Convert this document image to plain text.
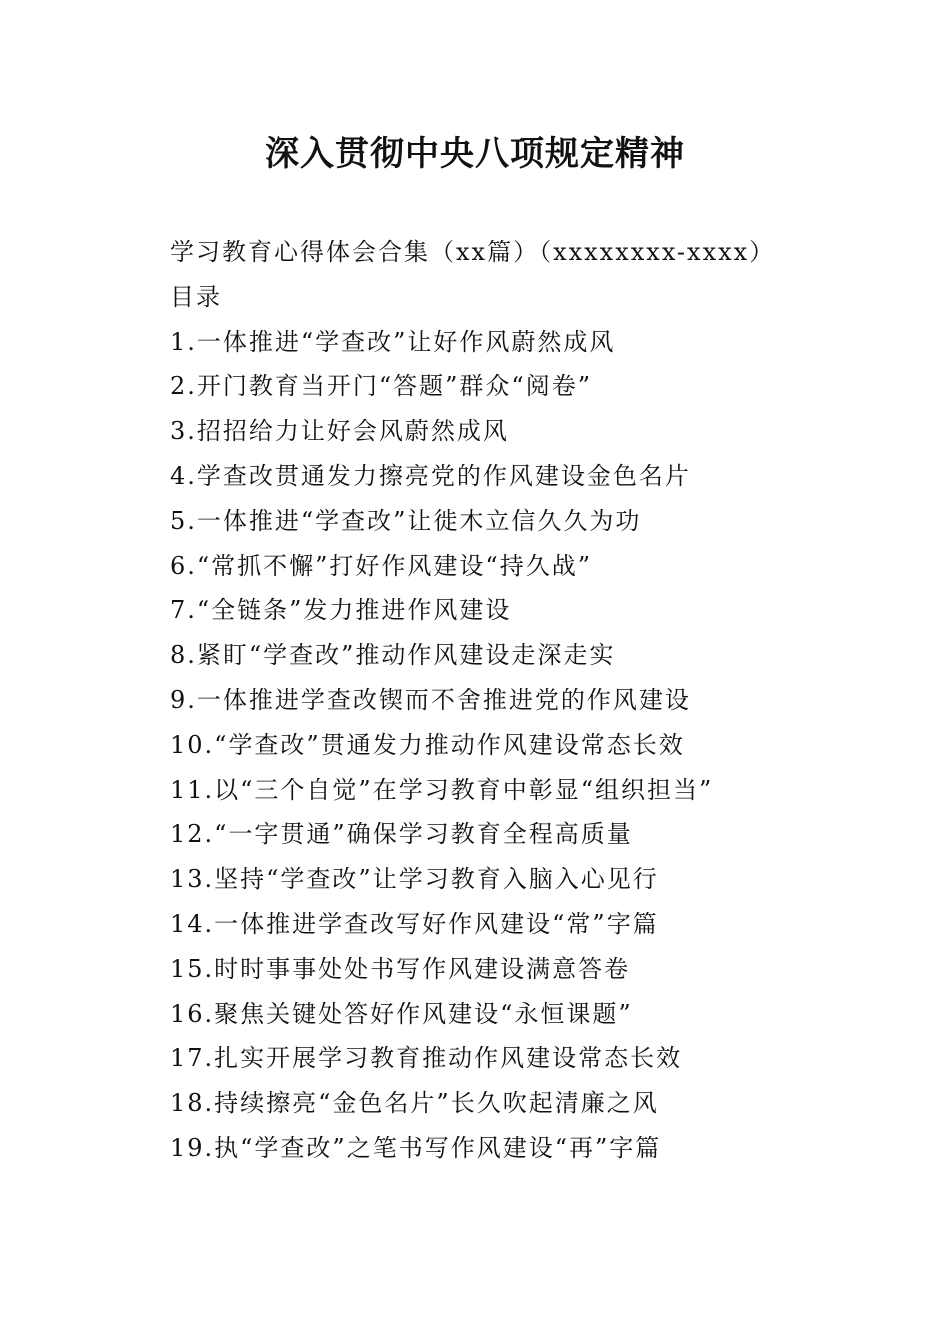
深入贯彻中央八项规定精神
学习教育心得体会合集（xx篇）（xxxxxxxx-xxxx）
目录
1.一体推进“学查改”让好作风蔚然成风
2.开门教育当开门“答题”群众“阅卷”
3.招招给力让好会风蔚然成风
4.学查改贯通发力擦亮党的作风建设金色名片
5.一体推进“学查改”让徙木立信久久为功
6.“常抓不懈”打好作风建设“持久战”
7.“全链条”发力推进作风建设
8.紧盯“学查改”推动作风建设走深走实
9.一体推进学查改锲而不舍推进党的作风建设
10.“学查改”贯通发力推动作风建设常态长效
11.以“三个自觉”在学习教育中彰显“组织担当”
12.“一字贯通”确保学习教育全程高质量
13.坚持“学查改”让学习教育入脑入心见行
14.一体推进学查改写好作风建设“常”字篇
15.时时事事处处书写作风建设满意答卷
16.聚焦关键处答好作风建设“永恒课题”
17.扎实开展学习教育推动作风建设常态长效
18.持续擦亮“金色名片”长久吹起清廉之风
19.执“学查改”之笔书写作风建设“再”字篇
